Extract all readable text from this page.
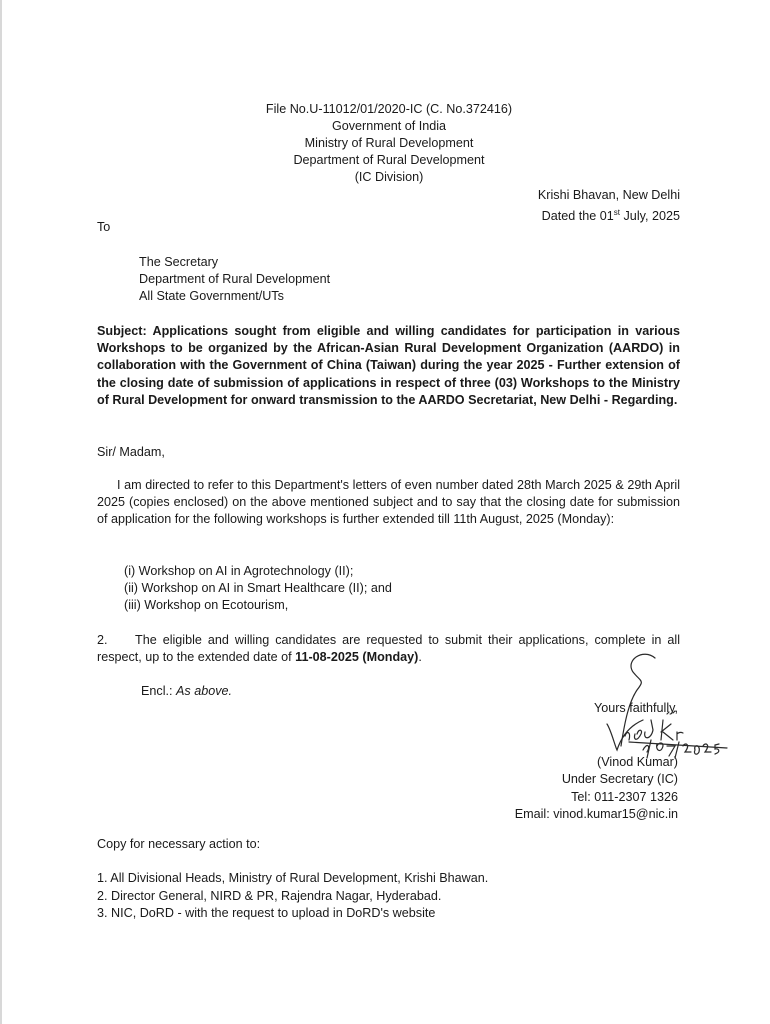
File No.U-11012/01/2020-IC (C. No.372416)
Government of India
Ministry of Rural Development
Department of Rural Development
(IC Division)
Krishi Bhavan, New Delhi
Dated the 01st July, 2025
To
The Secretary
Department of Rural Development
All State Government/UTs
Subject: Applications sought from eligible and willing candidates for participation in various Workshops to be organized by the African-Asian Rural Development Organization (AARDO) in collaboration with the Government of China (Taiwan) during the year 2025 - Further extension of the closing date of submission of applications in respect of three (03) Workshops to the Ministry of Rural Development for onward transmission to the AARDO Secretariat, New Delhi - Regarding.
Sir/ Madam,
I am directed to refer to this Department's letters of even number dated 28th March 2025 & 29th April 2025 (copies enclosed) on the above mentioned subject and to say that the closing date for submission of application for the following workshops is further extended till 11th August, 2025 (Monday):
(i) Workshop on AI in Agrotechnology (II);
(ii) Workshop on AI in Smart Healthcare (II); and
(iii) Workshop on Ecotourism,
2. The eligible and willing candidates are requested to submit their applications, complete in all respect, up to the extended date of 11-08-2025 (Monday).
Encl.: As above.
Yours faithfully,
(Vinod Kumar)
Under Secretary (IC)
Tel: 011-2307 1326
Email: vinod.kumar15@nic.in
Copy for necessary action to:
1. All Divisional Heads, Ministry of Rural Development, Krishi Bhawan.
2. Director General, NIRD & PR, Rajendra Nagar, Hyderabad.
3. NIC, DoRD - with the request to upload in DoRD's website
